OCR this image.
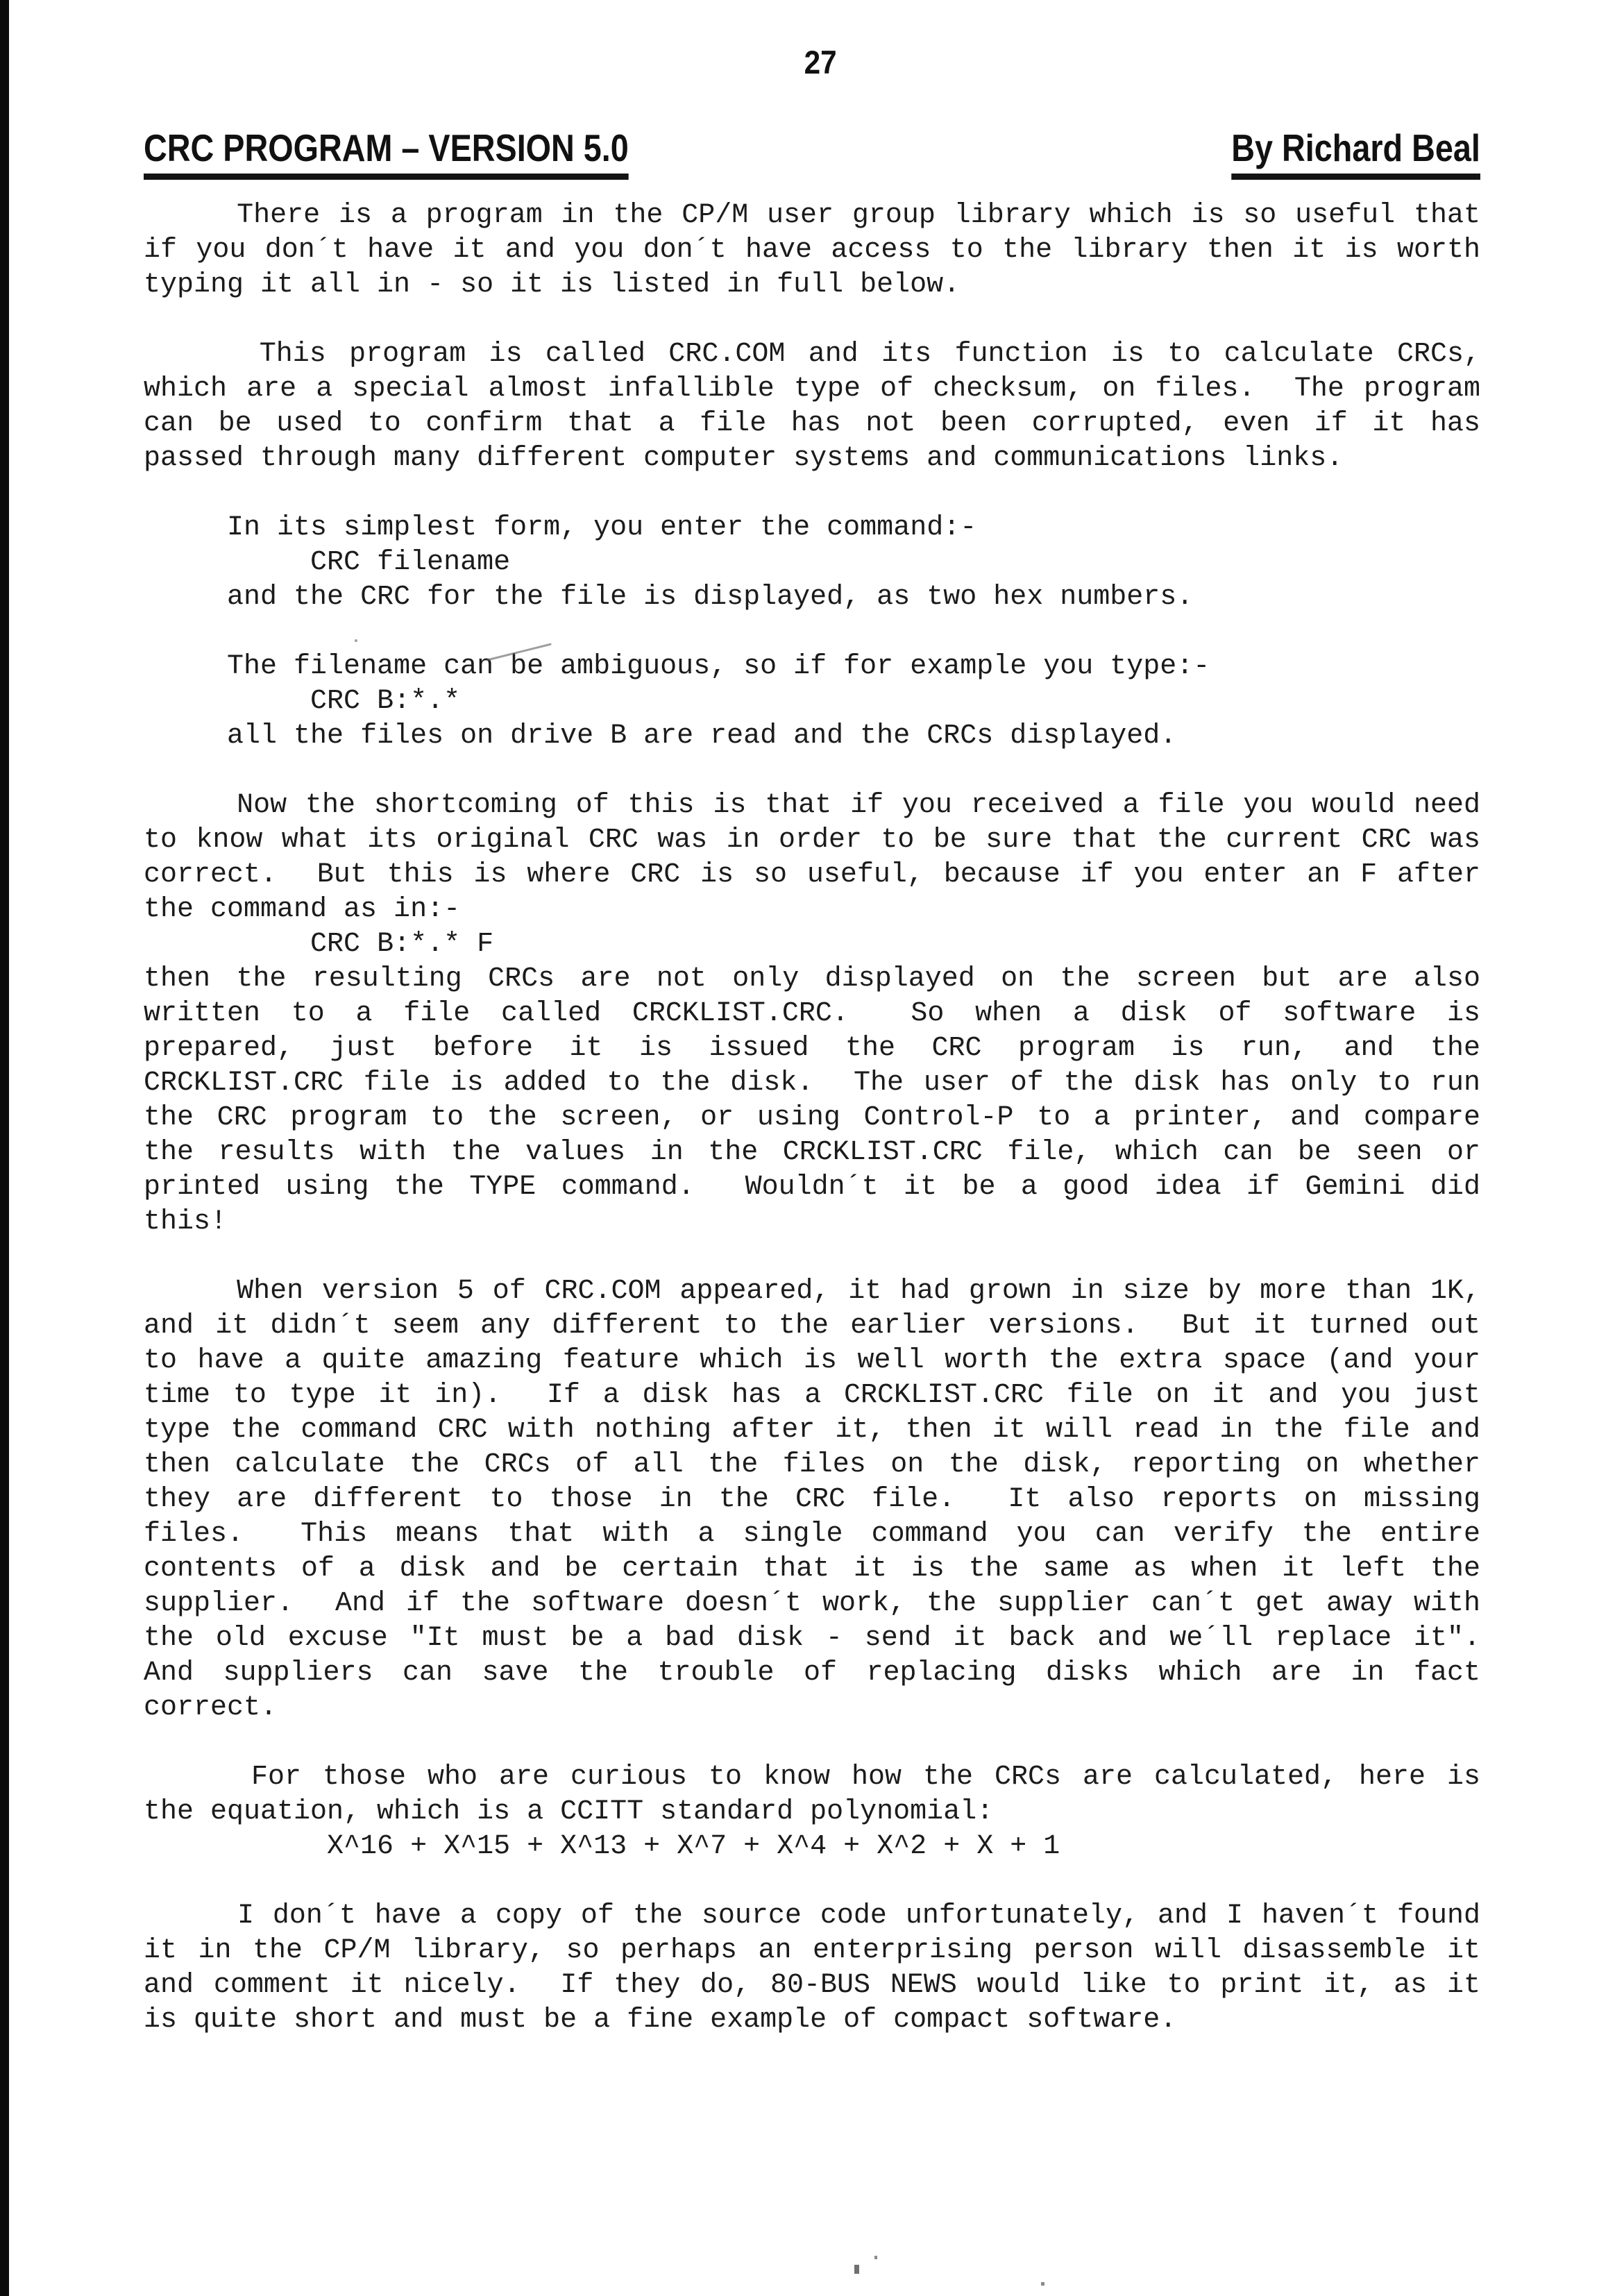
27
CRC PROGRAM – VERSION 5.0	By Richard Beal
There is a program in the CP/M user group library which is so useful that
if you don´t have it and you don´t have access to the library then it is worth
typing it all in - so it is listed in full below.
This program is called CRC.COM and its function is to calculate CRCs,
which are a special almost infallible type of checksum, on files.  The program
can be used to confirm that a file has not been corrupted, even if it has
passed through many different computer systems and communications links.
In its simplest form, you enter the command:-
CRC filename
and the CRC for the file is displayed, as two hex numbers.
The filename can be ambiguous, so if for example you type:-
CRC B:*.*
all the files on drive B are read and the CRCs displayed.
Now the shortcoming of this is that if you received a file you would need
to know what its original CRC was in order to be sure that the current CRC was
correct.  But this is where CRC is so useful, because if you enter an F after
the command as in:-
CRC B:*.* F
then the resulting CRCs are not only displayed on the screen but are also
written to a file called CRCKLIST.CRC.  So when a disk of software is
prepared, just before it is issued the CRC program is run, and the
CRCKLIST.CRC file is added to the disk.  The user of the disk has only to run
the CRC program to the screen, or using Control-P to a printer, and compare
the results with the values in the CRCKLIST.CRC file, which can be seen or
printed using the TYPE command.  Wouldn´t it be a good idea if Gemini did
this!
When version 5 of CRC.COM appeared, it had grown in size by more than 1K,
and it didn´t seem any different to the earlier versions.  But it turned out
to have a quite amazing feature which is well worth the extra space (and your
time to type it in).  If a disk has a CRCKLIST.CRC file on it and you just
type the command CRC with nothing after it, then it will read in the file and
then calculate the CRCs of all the files on the disk, reporting on whether
they are different to those in the CRC file.  It also reports on missing
files.  This means that with a single command you can verify the entire
contents of a disk and be certain that it is the same as when it left the
supplier.  And if the software doesn´t work, the supplier can´t get away with
the old excuse "It must be a bad disk - send it back and we´ll replace it".
And suppliers can save the trouble of replacing disks which are in fact
correct.
For those who are curious to know how the CRCs are calculated, here is
the equation, which is a CCITT standard polynomial:
X^16 + X^15 + X^13 + X^7 + X^4 + X^2 + X + 1
I don´t have a copy of the source code unfortunately, and I haven´t found
it in the CP/M library, so perhaps an enterprising person will disassemble it
and comment it nicely.  If they do, 80-BUS NEWS would like to print it, as it
is quite short and must be a fine example of compact software.
